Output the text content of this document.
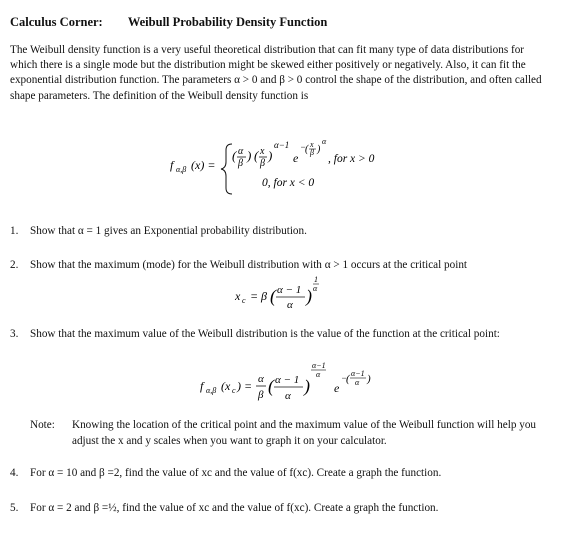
Calculus Corner: Weibull Probability Density Function
The Weibull density function is a very useful theoretical distribution that can fit many type of data distributions for which there is a single mode but the distribution might be skewed either positively or negatively. Also, it can fit the exponential distribution function. The parameters α > 0 and β > 0 control the shape of the distribution, and often called shape parameters. The definition of the Weibull density function is
f α,β (x) =
( α
β
) ( x
β
)
α−1
e
−
( x
β )
α
, for x > 0
0, for x < 0
1. Show that α = 1 gives an Exponential probability distribution.
2. Show that the maximum (mode) for the Weibull distribution with α > 1 occurs at the critical point
x c = β ( α − 1
α )
1
α
3. Show that the maximum value of the Weibull distribution is the value of the function at the critical point:
f α,β (x c ) = α
β ( α − 1
α )
α−1
α
e
−
( α−1
α )
Note: Knowing the location of the critical point and the maximum value of the Weibull function will help you adjust the x and y scales when you want to graph it on your calculator.
4. For α = 10 and β =2, find the value of xc and the value of f(xc). Create a graph the function.
5. For α = 2 and β =½, find the value of xc and the value of f(xc). Create a graph the function.
